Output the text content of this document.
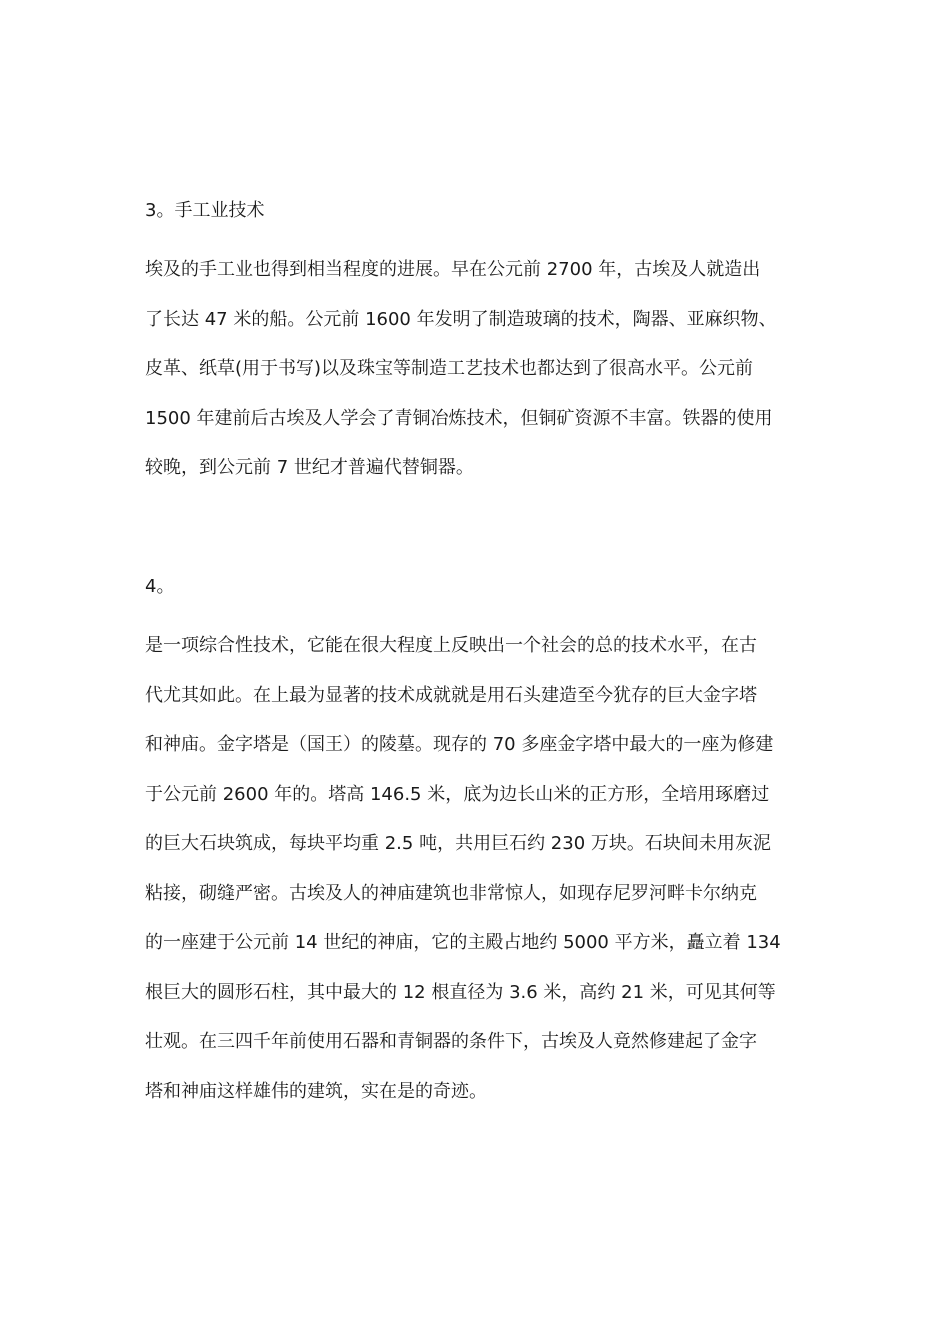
3。手工业技术
埃及的手工业也得到相当程度的进展。早在公元前 2700 年，古埃及人就造出
了长达 47 米的船。公元前 1600 年发明了制造玻璃的技术，陶器、亚麻织物、
皮革、纸草(用于书写)以及珠宝等制造工艺技术也都达到了很高水平。公元前
1500 年建前后古埃及人学会了青铜冶炼技术，但铜矿资源不丰富。铁器的使用
较晚，到公元前 7 世纪才普遍代替铜器。
4。
是一项综合性技术，它能在很大程度上反映出一个社会的总的技术水平，在古
代尤其如此。在上最为显著的技术成就就是用石头建造至今犹存的巨大金字塔
和神庙。金字塔是（国王）的陵墓。现存的 70 多座金字塔中最大的一座为修建
于公元前 2600 年的。塔高 146.5 米，底为边长山米的正方形，全培用琢磨过
的巨大石块筑成，每块平均重 2.5 吨，共用巨石约 230 万块。石块间未用灰泥
粘接，砌缝严密。古埃及人的神庙建筑也非常惊人，如现存尼罗河畔卡尔纳克
的一座建于公元前 14 世纪的神庙，它的主殿占地约 5000 平方米，矗立着 134
根巨大的圆形石柱，其中最大的 12 根直径为 3.6 米，高约 21 米，可见其何等
壮观。在三四千年前使用石器和青铜器的条件下，古埃及人竟然修建起了金字
塔和神庙这样雄伟的建筑，实在是的奇迹。
